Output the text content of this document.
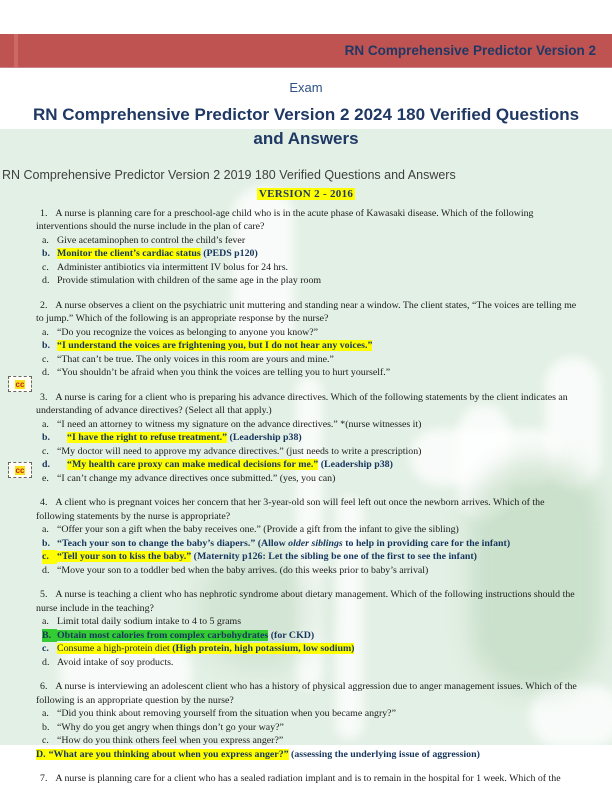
RN Comprehensive Predictor Version 2
Exam
RN Comprehensive Predictor Version 2 2024 180 Verified Questions and Answers
cc
cc
RN Comprehensive Predictor Version 2 2019 180 Verified Questions and Answers
VERSION 2 - 2016

1. A nurse is planning care for a preschool-age child who is in the acute phase of Kawasaki disease. Which of the following interventions should the nurse include in the plan of care?

a. Give acetaminophen to control the child’s fever
b. Monitor the client’s cardiac status (PEDS p120)
c. Administer antibiotics via intermittent IV bolus for 24 hrs.
d. Provide stimulation with children of the same age in the play room

2. A nurse observes a client on the psychiatric unit muttering and standing near a window. The client states, “The voices are telling me to jump.” Which of the following is an appropriate response by the nurse?

a. “Do you recognize the voices as belonging to anyone you know?”
b. “I understand the voices are frightening you, but I do not hear any voices.”
c. “That can’t be true. The only voices in this room are yours and mine.”
d. “You shouldn’t be afraid when you think the voices are telling you to hurt yourself.”

3. A nurse is caring for a client who is preparing his advance directives. Which of the following statements by the client indicates an understanding of advance directives? (Select all that apply.)

a. “I need an attorney to witness my signature on the advance directives.” *(nurse witnesses it)
b.	“I have the right to refuse treatment.” (Leadership p38)
c. “My doctor will need to approve my advance directives.” (just needs to write a prescription)
d.	“My health care proxy can make medical decisions for me.” (Leadership p38)
e. “I can’t change my advance directives once submitted.” (yes, you can)

4. A client who is pregnant voices her concern that her 3-year-old son will feel left out once the newborn arrives. Which of the following statements by the nurse is appropriate?

a. “Offer your son a gift when the baby receives one.” (Provide a gift from the infant to give the sibling)
b. “Teach your son to change the baby’s diapers.” (Allow older siblings to help in providing care for the infant)
c. “Tell your son to kiss the baby.” (Maternity p126: Let the sibling be one of the first to see the infant)
d. “Move your son to a toddler bed when the baby arrives. (do this weeks prior to baby’s arrival)

5. A nurse is teaching a client who has nephrotic syndrome about dietary management. Which of the following instructions should the nurse include in the teaching?

a. Limit total daily sodium intake to 4 to 5 grams
B. Obtain most calories from complex carbohydrates (for CKD)
c. Consume a high-protein diet (High protein, high potassium, low sodium)
d. Avoid intake of soy products.

6. A nurse is interviewing an adolescent client who has a history of physical aggression due to anger management issues. Which of the following is an appropriate question by the nurse?

a. “Did you think about removing yourself from the situation when you became angry?”
b. “Why do you get angry when things don’t go your way?”
c. “How do you think others feel when you express anger?”
D. “What are you thinking about when you express anger?” (assessing the underlying issue of aggression)

7. A nurse is planning care for a client who has a sealed radiation implant and is to remain in the hospital for 1 week. Which of the
